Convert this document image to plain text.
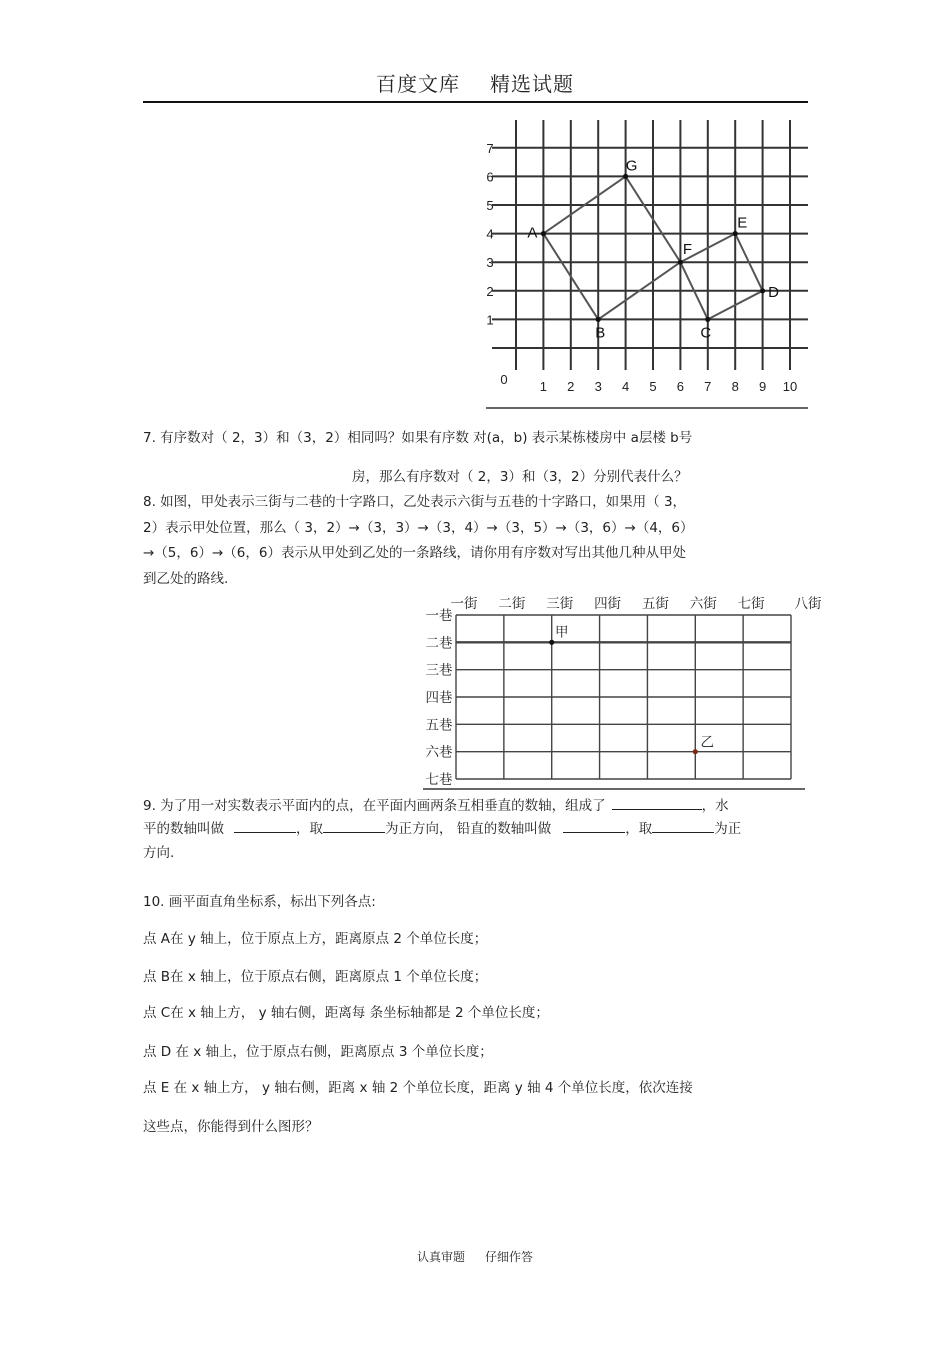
百度文库 精选试题
0 1 2 3 4 5 6 7 8 9 10
1
2
3
4
5
6
7
A
G
B
F
E
C
D
7. 有序数对（ 2，3）和（3，2）相同吗？如果有序数 对(a，b) 表示某栋楼房中 a层楼 b号
房，那么有序数对（ 2，3）和（3，2）分别代表什么？
8. 如图，甲处表示三街与二巷的十字路口，乙处表示六街与五巷的十字路口，如果用（ 3，
2）表示甲处位置，那么（ 3，2）→（3，3）→（3，4）→（3，5）→（3，6）→（4，6）
→（5，6）→（6，6）表示从甲处到乙处的一条路线，请你用有序数对写出其他几种从甲处
到乙处的路线.
一街 二街 三街 四街 五街 六街 七街 八街
一巷
二巷
三巷
四巷
五巷
六巷
七巷
甲
乙
9. 为了用一对实数表示平面内的点，在平面内画两条互相垂直的数轴，组成了	，水
平的数轴叫做	，取	为正方向， 铅直的数轴叫做	，取	为正
方向.
10. 画平面直角坐标系，标出下列各点:
点 A在 y 轴上，位于原点上方，距离原点 2 个单位长度；
点 B在 x 轴上，位于原点右侧，距离原点 1 个单位长度；
点 C在 x 轴上方， y 轴右侧，距离每 条坐标轴都是 2 个单位长度；
点 D 在 x 轴上，位于原点右侧，距离原点 3 个单位长度；
点 E 在 x 轴上方， y 轴右侧，距离 x 轴 2 个单位长度，距离 y 轴 4 个单位长度，依次连接
这些点，你能得到什么图形？
认真审题 仔细作答
